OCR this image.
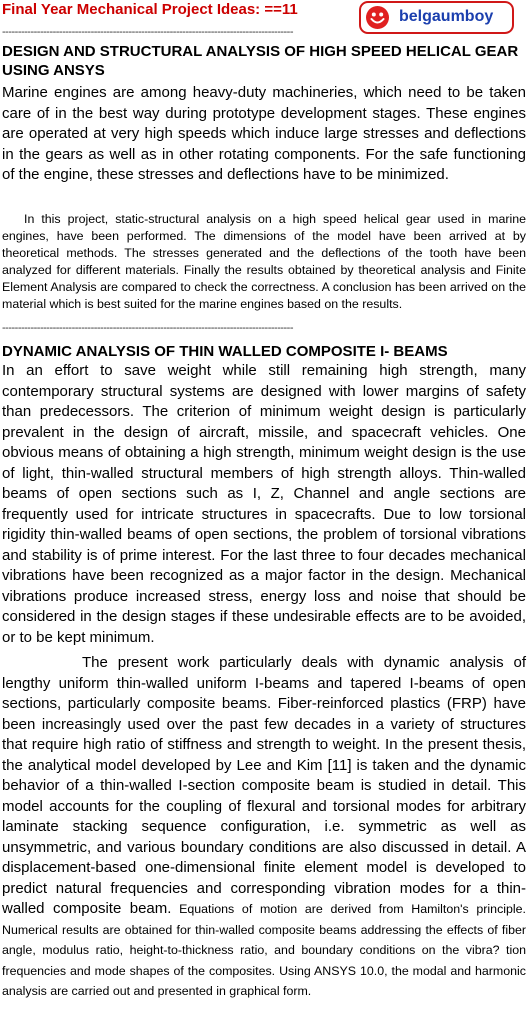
Final Year Mechanical Project Ideas: ==11	belgaumboy
--------------------------------------------------------------------------------------------
DESIGN AND STRUCTURAL ANALYSIS OF HIGH SPEED HELICAL GEAR USING ANSYS

Marine engines are among heavy-duty machineries, which need to be taken care of in the best way during prototype development stages. These engines are operated at very high speeds which induce large stresses and deflections in the gears as well as in other rotating components. For the safe functioning of the engine, these stresses and deflections have to be minimized.

In this project, static-structural analysis on a high speed helical gear used in marine engines, have been performed. The dimensions of the model have been arrived at by theoretical methods. The stresses generated and the deflections of the tooth have been analyzed for different materials. Finally the results obtained by theoretical analysis and Finite Element Analysis are compared to check the correctness. A conclusion has been arrived on the material which is best suited for the marine engines based on the results.

--------------------------------------------------------------------------------------------
DYNAMIC ANALYSIS OF THIN WALLED COMPOSITE I- BEAMS

In an effort to save weight while still remaining high strength, many contemporary structural systems are designed with lower margins of safety than predecessors. The criterion of minimum weight design is particularly prevalent in the design of aircraft, missile, and spacecraft vehicles. One obvious means of obtaining a high strength, minimum weight design is the use of light, thin-walled structural members of high strength alloys. Thin-walled beams of open sections such as I, Z, Channel and angle sections are frequently used for intricate structures in spacecrafts. Due to low torsional rigidity thin-walled beams of open sections, the problem of torsional vibrations and stability is of prime interest. For the last three to four decades mechanical vibrations have been recognized as a major factor in the design. Mechanical vibrations produce increased stress, energy loss and noise that should be considered in the design stages if these undesirable effects are to be avoided, or to be kept minimum.

The present work particularly deals with dynamic analysis of lengthy uniform thin-walled uniform I-beams and tapered I-beams of open sections, particularly composite beams. Fiber-reinforced plastics (FRP) have been increasingly used over the past few decades in a variety of structures that require high ratio of stiffness and strength to weight. In the present thesis, the analytical model developed by Lee and Kim [11] is taken and the dynamic behavior of a thin-walled I-section composite beam is studied in detail. This model accounts for the coupling of flexural and torsional modes for arbitrary laminate stacking sequence configuration, i.e. symmetric as well as unsymmetric, and various boundary conditions are also discussed in detail. A displacement-based one-dimensional finite element model is developed to predict natural frequencies and corresponding vibration modes for a thin-walled composite beam. Equations of motion are derived from Hamilton's principle. Numerical results are obtained for thin-walled composite beams addressing the effects of fiber angle, modulus ratio, height-to-thickness ratio, and boundary conditions on the vibra? tion frequencies and mode shapes of the composites. Using ANSYS 10.0, the modal and harmonic analysis are carried out and presented in graphical form.
